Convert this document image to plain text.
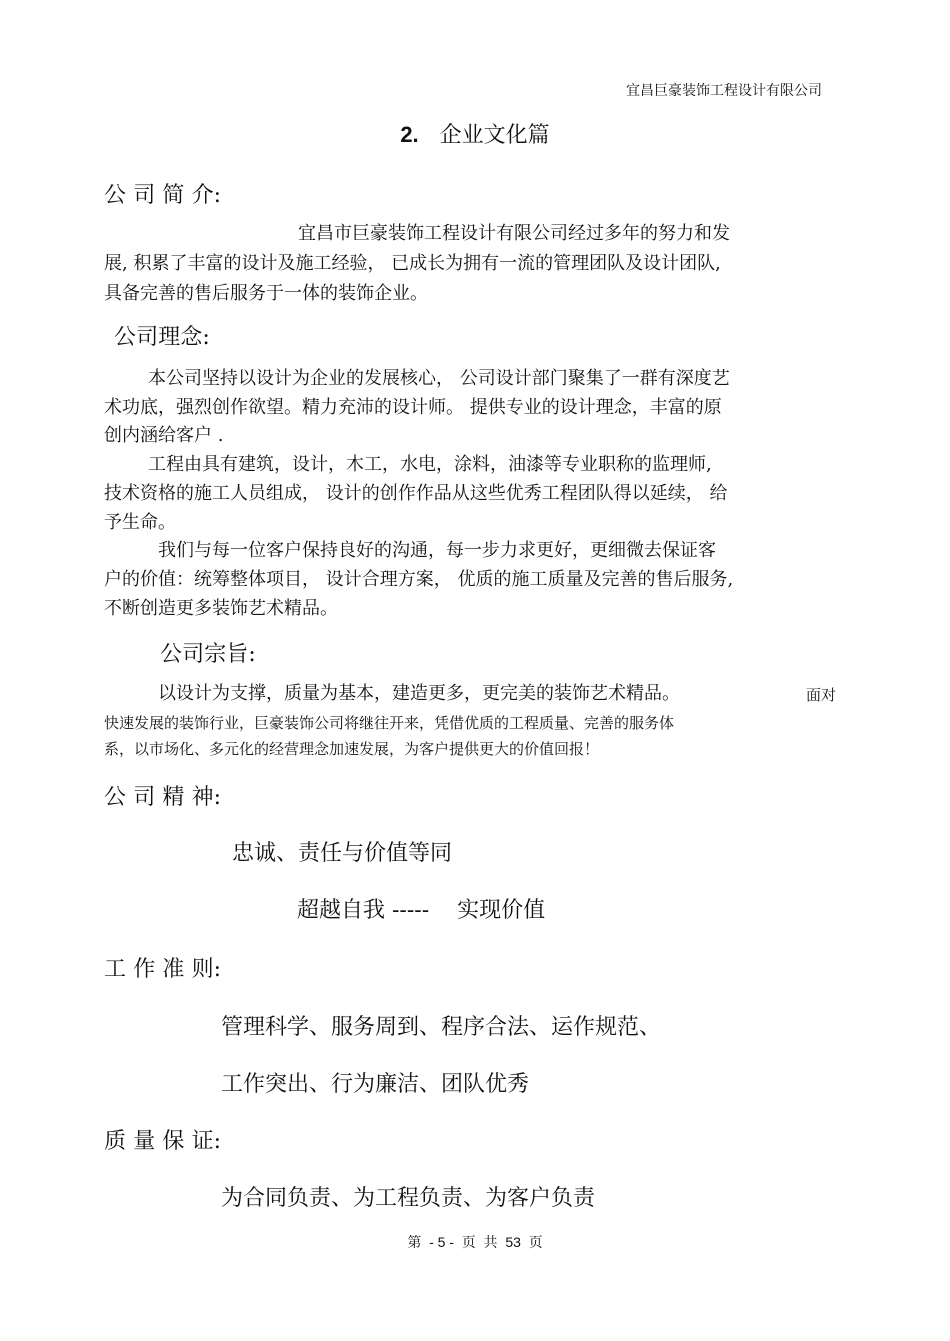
宜昌巨豪装饰工程设计有限公司
2. 企业文化篇
公 司 简 介:
宜昌市巨豪装饰工程设计有限公司经过多年的努力和发
展, 积累了丰富的设计及施工经验， 已成长为拥有一流的管理团队及设计团队,
具备完善的售后服务于一体的装饰企业。
公司理念:
本公司坚持以设计为企业的发展核心， 公司设计部门聚集了一群有深度艺
术功底，强烈创作欲望。精力充沛的设计师。 提供专业的设计理念，丰富的原
创内涵给客户 .
工程由具有建筑，设计，木工，水电，涂料，油漆等专业职称的监理师,
技术资格的施工人员组成， 设计的创作作品从这些优秀工程团队得以延续， 给
予生命。
我们与每一位客户保持良好的沟通，每一步力求更好，更细微去保证客
户的价值：统筹整体项目， 设计合理方案， 优质的施工质量及完善的售后服务,
不断创造更多装饰艺术精品。
公司宗旨:
以设计为支撑，质量为基本，建造更多，更完美的装饰艺术精品。	面对
快速发展的装饰行业，巨豪装饰公司将继往开来，凭借优质的工程质量、完善的服务体
系，以市场化、多元化的经营理念加速发展，为客户提供更大的价值回报！
公 司 精 神:
忠诚、责任与价值等同
超越自我 -----    实现价值
工 作 准 则:
管理科学、服务周到、程序合法、运作规范、
工作突出、行为廉洁、团队优秀
质 量 保 证:
为合同负责、为工程负责、为客户负责
第  - 5 -  页  共  53  页
